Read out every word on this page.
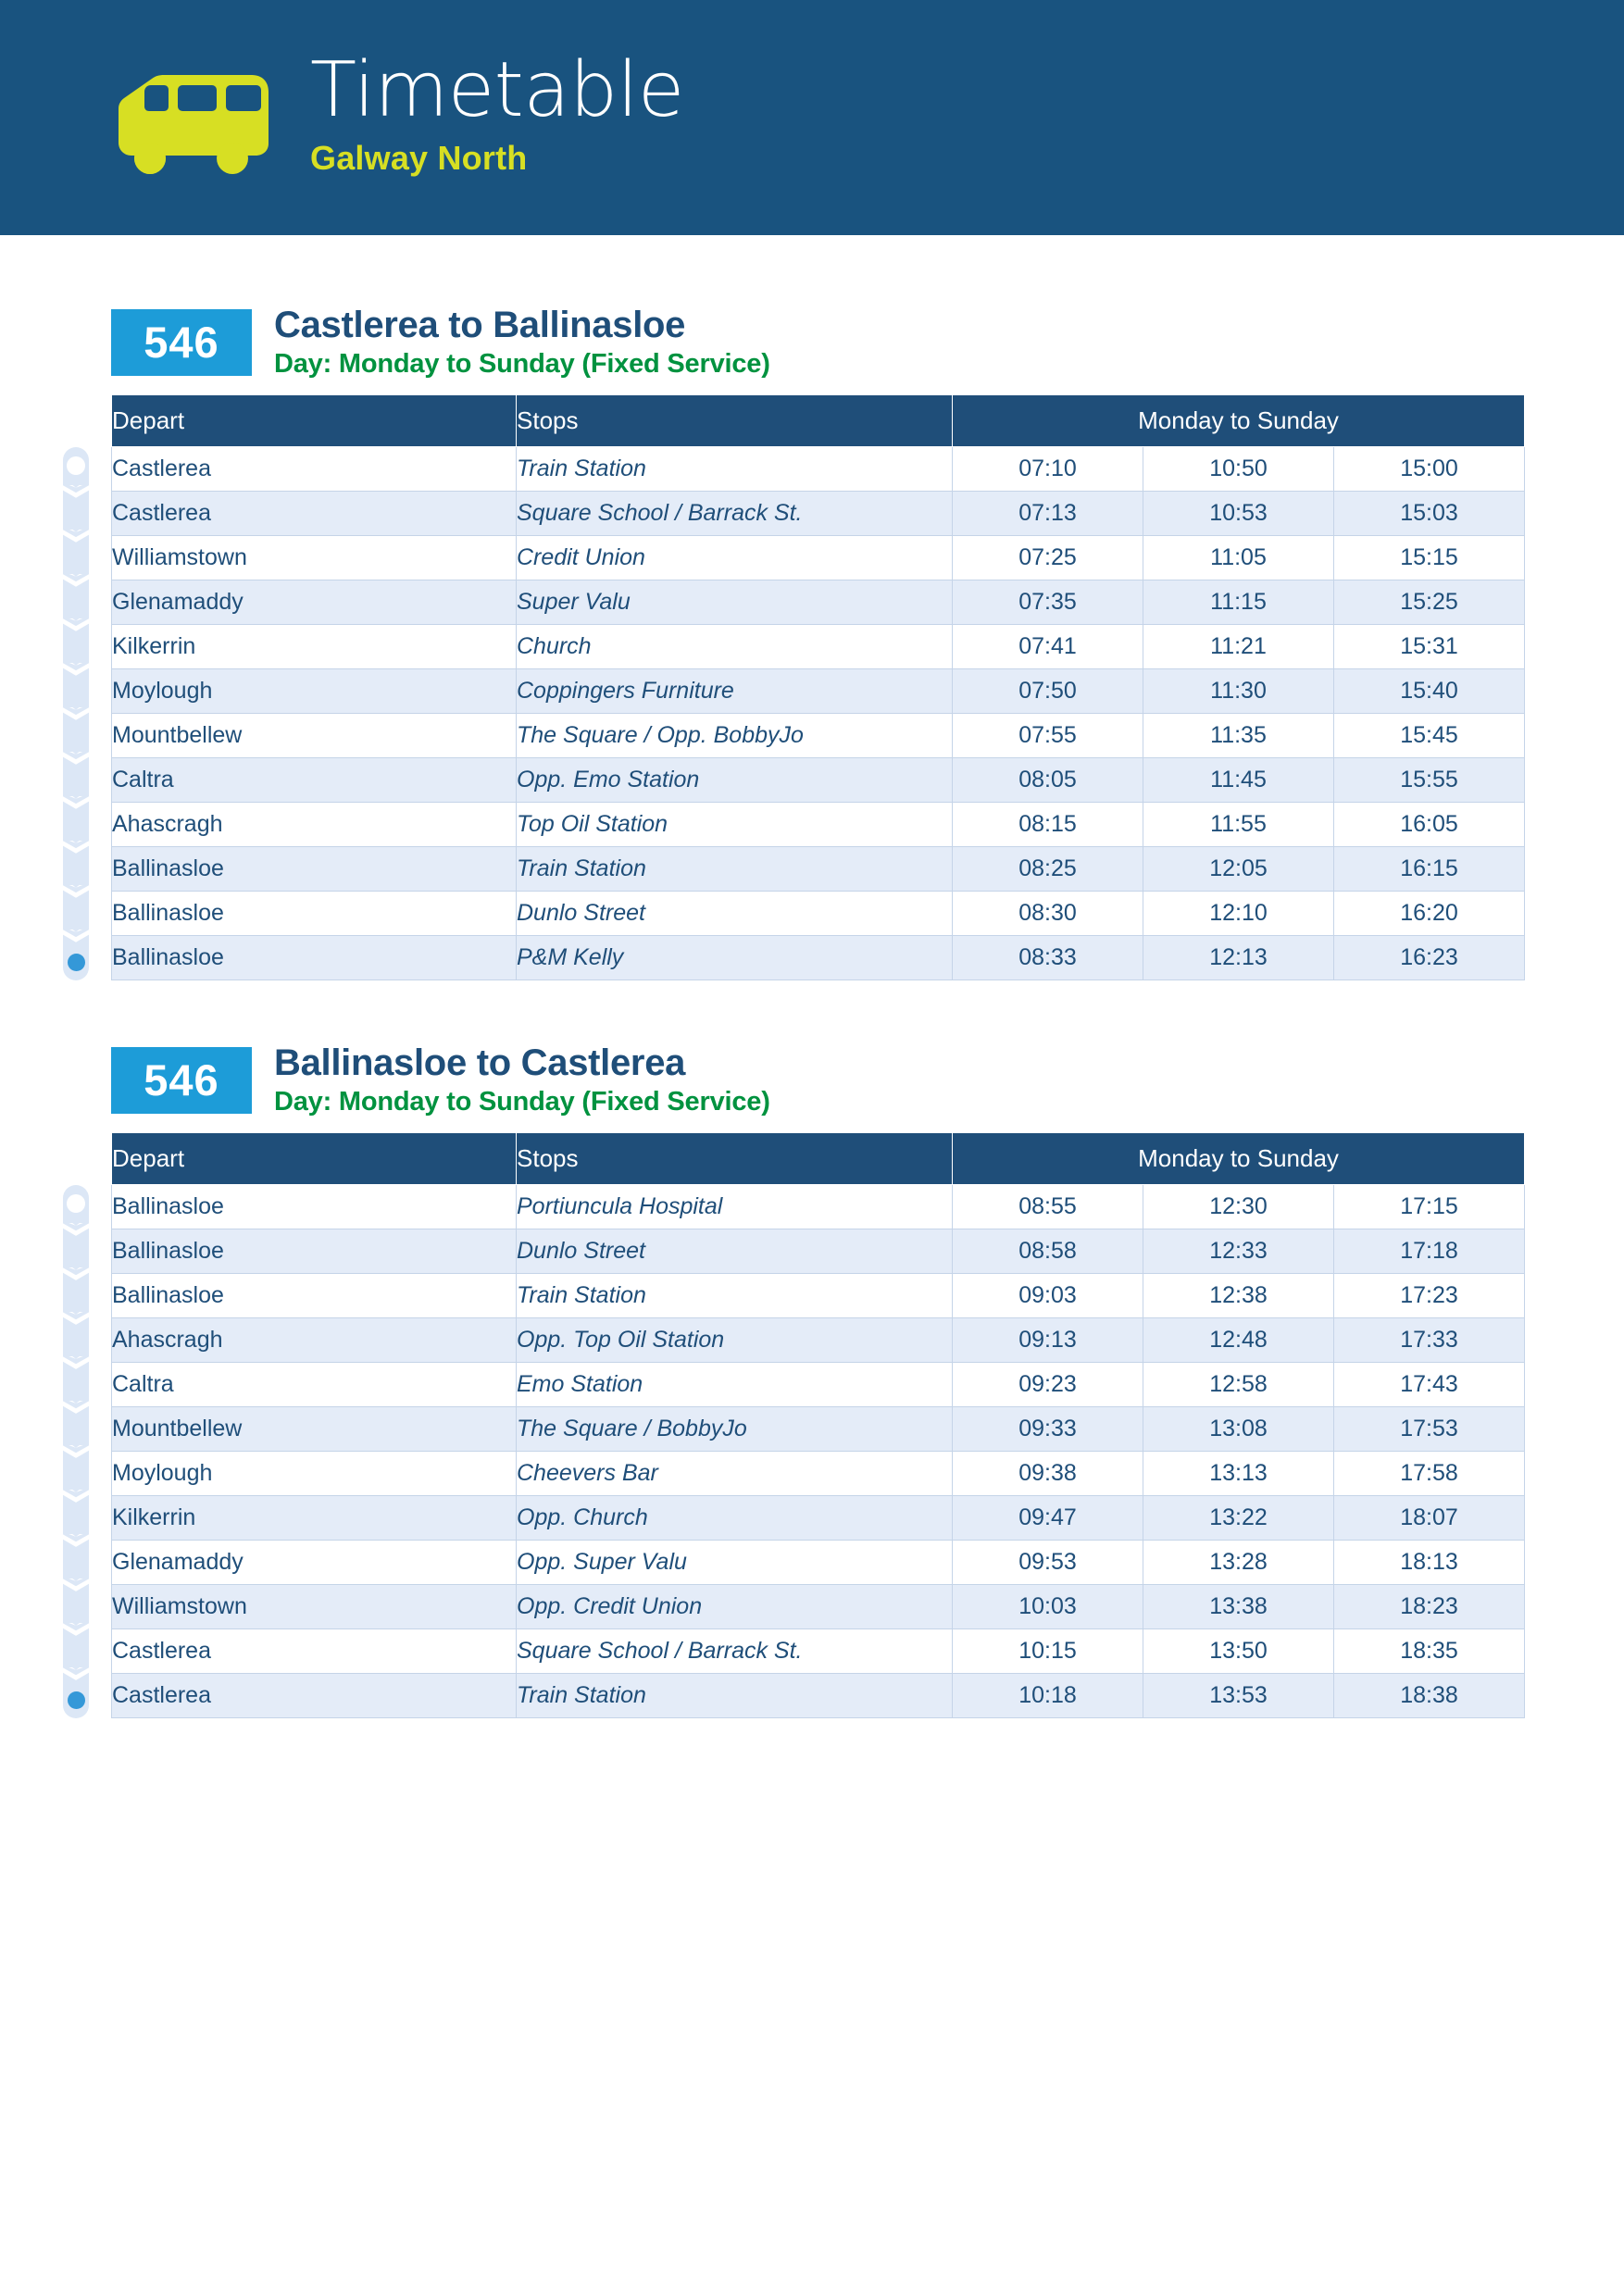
Timetable
Galway North
546	Castlerea to Ballinasloe
Day: Monday to Sunday (Fixed Service)
Depart	Stops	Monday to Sunday		
Castlerea	Train Station	07:10	10:50	15:00
Castlerea	Square School / Barrack St.	07:13	10:53	15:03
Williamstown	Credit Union	07:25	11:05	15:15
Glenamaddy	Super Valu	07:35	11:15	15:25
Kilkerrin	Church	07:41	11:21	15:31
Moylough	Coppingers Furniture	07:50	11:30	15:40
Mountbellew	The Square / Opp. BobbyJo	07:55	11:35	15:45
Caltra	Opp. Emo Station	08:05	11:45	15:55
Ahascragh	Top Oil Station	08:15	11:55	16:05
Ballinasloe	Train Station	08:25	12:05	16:15
Ballinasloe	Dunlo Street	08:30	12:10	16:20
Ballinasloe	P&M Kelly	08:33	12:13	16:23
546	Ballinasloe to Castlerea
Day: Monday to Sunday (Fixed Service)
Depart	Stops	Monday to Sunday		
Ballinasloe	Portiuncula Hospital	08:55	12:30	17:15
Ballinasloe	Dunlo Street	08:58	12:33	17:18
Ballinasloe	Train Station	09:03	12:38	17:23
Ahascragh	Opp. Top Oil Station	09:13	12:48	17:33
Caltra	Emo Station	09:23	12:58	17:43
Mountbellew	The Square / BobbyJo	09:33	13:08	17:53
Moylough	Cheevers Bar	09:38	13:13	17:58
Kilkerrin	Opp. Church	09:47	13:22	18:07
Glenamaddy	Opp. Super Valu	09:53	13:28	18:13
Williamstown	Opp. Credit Union	10:03	13:38	18:23
Castlerea	Square School / Barrack St.	10:15	13:50	18:35
Castlerea	Train Station	10:18	13:53	18:38
